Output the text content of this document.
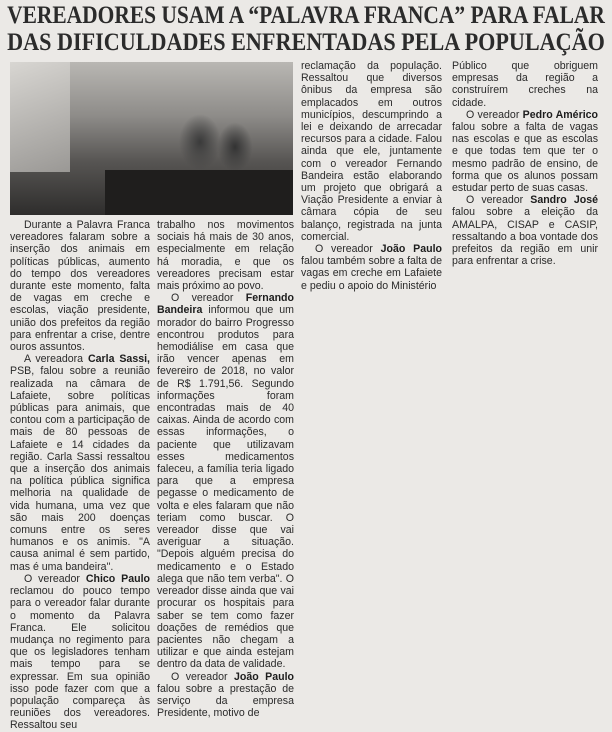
VEREADORES USAM A “PALAVRA FRANCA” PARA FALAR
DAS DIFICULDADES ENFRENTADAS PELA POPULAÇÃO

Durante a Palavra Franca vereadores falaram sobre a inserção dos animais em políticas públicas, aumento do tempo dos vereadores durante este momento, falta de vagas em creche e escolas, viação presidente, união dos prefeitos da região para enfrentar a crise, dentre ouros assuntos.

A vereadora Carla Sassi, PSB, falou sobre a reunião realizada na câmara de Lafaiete, sobre políticas públicas para animais, que contou com a participação de mais de 80 pessoas de Lafaiete e 14 cidades da região. Carla Sassi ressaltou que a inserção dos animais na política pública significa melhoria na qualidade de vida humana, uma vez que são mais 200 doenças comuns entre os seres humanos e os animis. "A causa animal é sem partido, mas é uma bandeira".

O vereador Chico Paulo reclamou do pouco tempo para o vereador falar durante o momento da Palavra Franca. Ele solicitou mudança no regimento para que os legisladores tenham mais tempo para se expressar. Em sua opinião isso pode fazer com que a população compareça às reuniões dos vereadores. Ressaltou seu

trabalho nos movimentos sociais há mais de 30 anos, especialmente em relação há moradia, e que os vereadores precisam estar mais próximo ao povo.

O vereador Fernando Bandeira informou que um morador do bairro Progresso encontrou produtos para hemodiálise em casa que irão vencer apenas em fevereiro de 2018, no valor de R$ 1.791,56. Segundo informações foram encontradas mais de 40 caixas. Ainda de acordo com essas informações, o paciente que utilizavam esses medicamentos faleceu, a família teria ligado para que a empresa pegasse o medicamento de volta e eles falaram que não teriam como buscar. O vereador disse que vai averiguar a situação. "Depois alguém precisa do medicamento e o Estado alega que não tem verba". O vereador disse ainda que vai procurar os hospitais para saber se tem como fazer doações de remédios que pacientes não chegam a utilizar e que ainda estejam dentro da data de validade.

O vereador João Paulo falou sobre a prestação de serviço da empresa Presidente, motivo de

reclamação da população. Ressaltou que diversos ônibus da empresa são emplacados em outros municípios, descumprindo a lei e deixando de arrecadar recursos para a cidade. Falou ainda que ele, juntamente com o vereador Fernando Bandeira estão elaborando um projeto que obrigará a Viação Presidente a enviar à câmara cópia de seu balanço, registrada na junta comercial.

O vereador João Paulo falou também sobre a falta de vagas em creche em Lafaiete e pediu o apoio do Ministério

Público que obriguem empresas da região a construírem creches na cidade.

O vereador Pedro Américo falou sobre a falta de vagas nas escolas e que as escolas e que todas tem que ter o mesmo padrão de ensino, de forma que os alunos possam estudar perto de suas casas.

O vereador Sandro José falou sobre a eleição da AMALPA, CISAP e CASIP, ressaltando a boa vontade dos prefeitos da região em unir para enfrentar a crise.
